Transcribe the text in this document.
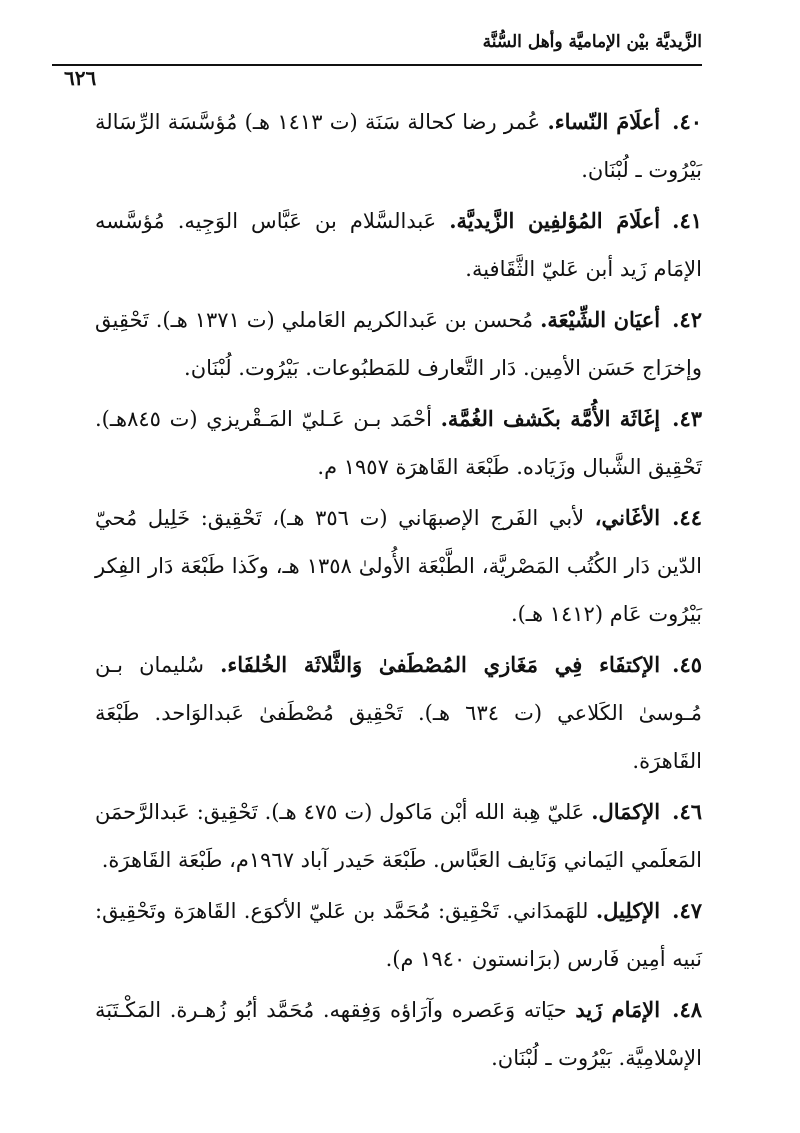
الزَّيديَّة بيْن الإماميَّة وأهل السُّنَّة
٦٢٦

٤٠.أعلَامَ النّساء. عُمر رضا كحالة سَنَة (ت ١٤١٣ هـ) مُؤسَّسَة الرِّسَالة بَيْرُوت ـ لُبْنَان.

٤١.أعلَامَ المُؤلفِين الزَّيديَّة. عَبدالسَّلام بن عَبَّاس الوَجِيه. مُؤسَّسه الإمَام زَيد أبن عَليّ الثَّقَافية.

٤٢.أعيَان الشِّيْعَة. مُحسن بن عَبدالكريم العَاملي (ت ١٣٧١ هـ). تَحْقِيق وإخرَاج حَسَن الأمِين. دَار التَّعارف للمَطبُوعات. بَيْرُوت. لُبْنَان.

٤٣.إغَاثَة الأُمَّة بكَشف الغُمَّة. أحْمَد بـن عَـليّ المَـقْريزي (ت ٨٤٥هـ). تَحْقِيق الشَّبال وزَيَاده. طَبْعَة القَاهرَة ١٩٥٧ م.

٤٤.الأغَاني، لأبي الفَرج الإصبهَاني (ت ٣٥٦ هـ)، تَحْقِيق: خَلِيل مُحيّ الدّين دَار الكُتُب المَصْريَّة، الطَّبْعَة الأُولىٰ ١٣٥٨ هـ، وكَذا طَبْعَة دَار الفِكر بَيْرُوت عَام (١٤١٢ هـ).

٤٥.الإكتفَاء فِي مَغَازي المُصْطَفىٰ وَالثَّلاثَة الخُلفَاء. سُليمان بـن مُـوسىٰ الكَلاعي (ت ٦٣٤ هـ). تَحْقِيق مُصْطَفىٰ عَبدالوَاحد. طَبْعَة القَاهرَة.

٤٦.الإكمَال. عَليّ هِبة الله أبْن مَاكول (ت ٤٧٥ هـ). تَحْقِيق: عَبدالرَّحمَن المَعلَمي اليَماني وَنَايف العَبَّاس. طَبْعَة حَيدر آباد ١٩٦٧م، طَبْعَة القَاهرَة.

٤٧.الإكلِيل. للهَمدَاني. تَحْقِيق: مُحَمَّد بن عَليّ الأكوَع. القَاهرَة وتَحْقِيق: نَبيه أمِين فَارس (برَانستون ١٩٤٠ م).

٤٨.الإمَام زَيد حيَاته وَعَصره وآرَاؤه وَفِقهه. مُحَمَّد أبُو زُهـرة. المَكْـتَبَة الإسْلامِيَّة. بَيْرُوت ـ لُبْنَان.
